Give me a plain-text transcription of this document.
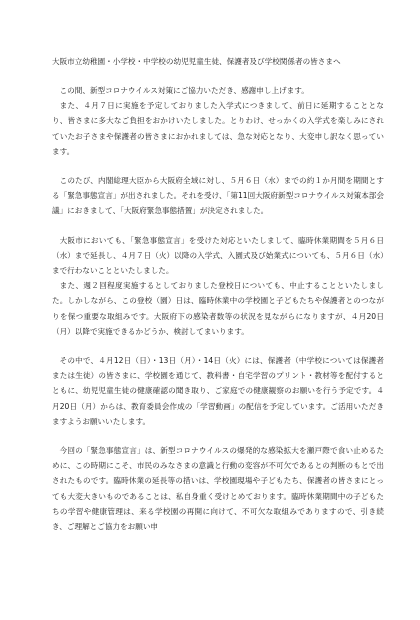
大阪市立幼稚園・小学校・中学校の幼児児童生徒、保護者及び学校関係者の皆さまへ

この間、新型コロナウイルス対策にご協力いただき、感謝申し上げます。

また、４月７日に実施を予定しておりました入学式につきまして、前日に延期することとなり、皆さまに多大なご負担をおかけいたしました。とりわけ、せっかくの入学式を楽しみにされていたお子さまや保護者の皆さまにおかれましては、急な対応となり、大変申し訳なく思っています。

このたび、内閣総理大臣から大阪府全域に対し、５月６日（水）までの約１か月間を期間とする「緊急事態宣言」が出されました。それを受け、「第11回大阪府新型コロナウイルス対策本部会議」におきまして、「大阪府緊急事態措置」が決定されました。

大阪市においても、「緊急事態宣言」を受けた対応といたしまして、臨時休業期間を５月６日（水）まで延長し、４月７日（火）以降の入学式、入園式及び始業式についても、５月６日（水）まで行わないことといたしました。

また、週２回程度実施するとしておりました登校日についても、中止することといたしました。しかしながら、この登校（園）日は、臨時休業中の学校園と子どもたちや保護者とのつながりを保つ重要な取組みです。大阪府下の感染者数等の状況を見ながらになりますが、４月20日（月）以降で実施できるかどうか、検討してまいります。

その中で、４月12日（日）・13日（月）・14日（火）には、保護者（中学校については保護者または生徒）の皆さまに、学校園を通じて、教科書・自宅学習のプリント・教材等を配付するとともに、幼児児童生徒の健康確認の聞き取り、ご家庭での健康観察のお願いを行う予定です。４月20日（月）からは、教育委員会作成の「学習動画」の配信を予定しています。ご活用いただきますようお願いいたします。

今回の「緊急事態宣言」は、新型コロナウイルスの爆発的な感染拡大を瀬戸際で食い止めるために、この時期にこそ、市民のみなさまの意識と行動の変容が不可欠であるとの判断のもとで出されたものです。臨時休業の延長等の措いは、学校園現場や子どもたち、保護者の皆さまにとっても大変大きいものであることは、私自身重く受けとめております。臨時休業期間中の子どもたちの学習や健康管理は、来る学校園の再開に向けて、不可欠な取組みでありますので、引き続き、ご理解とご協力をお願い申
